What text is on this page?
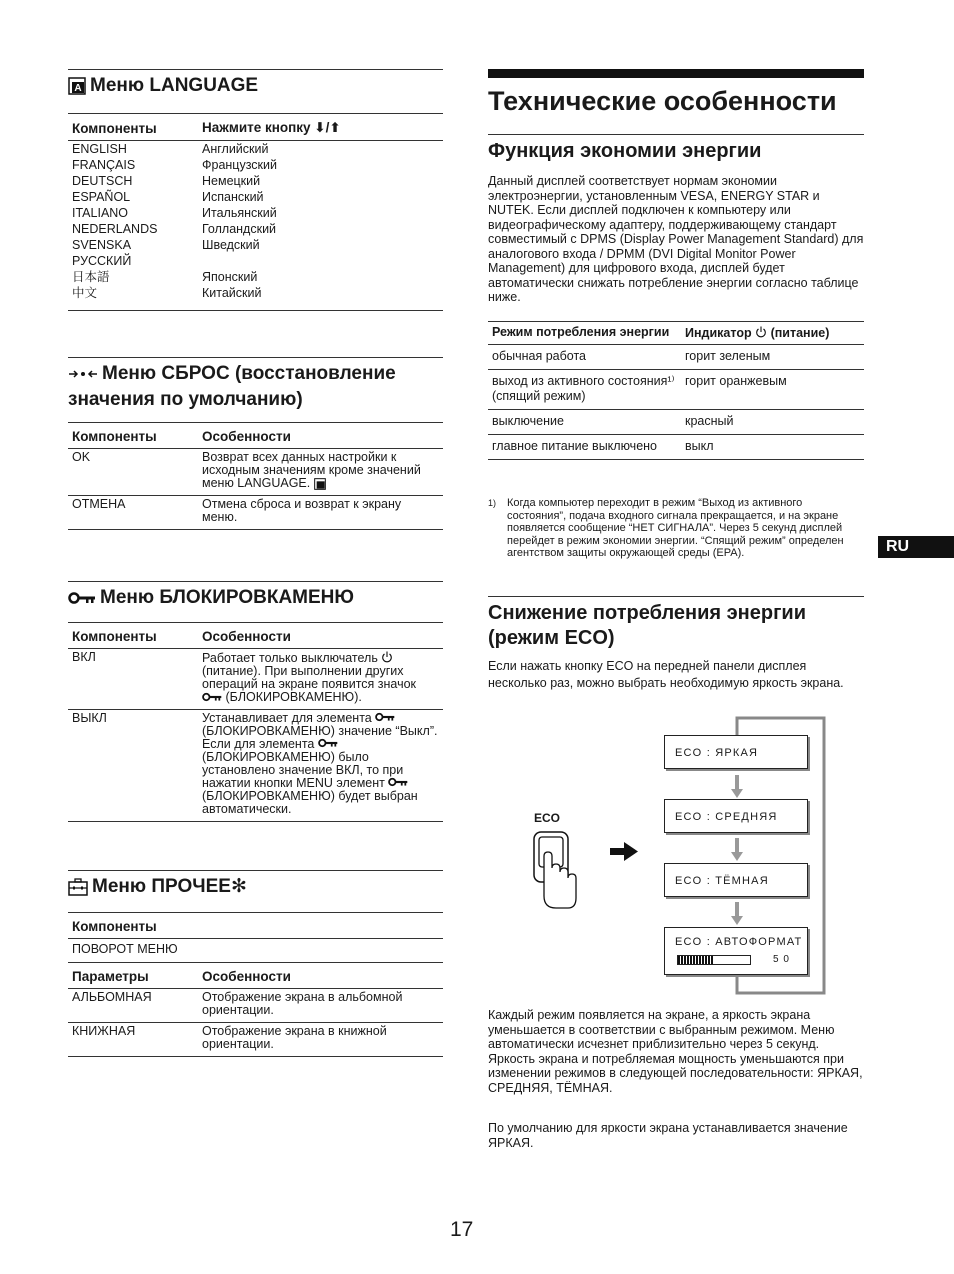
A Меню LANGUAGE
Компоненты	Нажмите кнопку ⬇/⬆
ENGLISH	Английский
FRANÇAIS	Французский
DEUTSCH	Немецкий
ESPAÑOL	Испанский
ITALIANO	Итальянский
NEDERLANDS	Голландский
SVENSKA	Шведский
РУССКИЙ	
日本語	Японский
中文	Китайский
Меню СБРОС (восстановление
значения по умолчанию)
Компоненты	Особенности
OK	Возврат всех данных настройки к исходным значениям кроме значений меню LANGUAGE.
ОТМЕНА	Отмена сброса и возврат к экрану меню.
Меню БЛОКИРОВКАМЕНЮ
Компоненты	Особенности
ВКЛ	Работает только выключатель  (питание). При выполнении других операций на экране появится значок  (БЛОКИРОВКАМЕНЮ).
ВЫКЛ	Устанавливает для элемента  (БЛОКИРОВКАМЕНЮ) значение “Выкл”. Если для элемента  (БЛОКИРОВКАМЕНЮ) было установлено значение ВКЛ, то при нажатии кнопки MENU элемент  (БЛОКИРОВКАМЕНЮ) будет выбран автоматически.
Меню ПРОЧЕЕ✻
Компоненты	
ПОВОРОТ МЕНЮ	
Параметры	Особенности
АЛЬБОМНАЯ	Отображение экрана в альбомной ориентации.
КНИЖНАЯ	Отображение экрана в книжной ориентации.
Технические особенности
Функция экономии энергии

Данный дисплей соответствует нормам экономии электроэнергии, установленным VESA, ENERGY STAR и NUTEK. Если дисплей подключен к компьютеру или видеографическому адаптеру, поддерживающему стандарт совместимый с DPMS (Display Power Management Standard) для аналогового входа / DPMM (DVI Digital Monitor Power Management) для цифрового входа, дисплей будет автоматически снижать потребление энергии согласно таблице ниже.

Режим потребления энергии	Индикатор (питание)
обычная работа	горит зеленым
выход из активного состояния¹⁾ (спящий режим)	горит оранжевым
выключение	красный
главное питание выключено	выкл
1) Когда компьютер переходит в режим “Выход из активного состояния”, подача входного сигнала прекращается, и на экране появляется сообщение “НЕТ СИГНАЛА”. Через 5 секунд дисплей перейдет в режим экономии энергии. “Спящий режим” определен агентством защиты окружающей среды (EPA).
Снижение потребления энергии
(режим ECO)

Если нажать кнопку ECO на передней панели дисплея несколько раз, можно выбрать необходимую яркость экрана.

Каждый режим появляется на экране, а яркость экрана уменьшается в соответствии с выбранным режимом. Меню автоматически исчезнет приблизительно через 5 секунд. Яркость экрана и потребляемая мощность уменьшаются при изменении режимов в следующей последовательности: ЯРКАЯ, СРЕДНЯЯ, ТЁМНАЯ.

По умолчанию для яркости экрана устанавливается значение ЯРКАЯ.

ECO
ECO : ЯРКАЯ
ECO : СРЕДНЯЯ
ECO : ТЁМНАЯ
ECO : АВТОФОРМАТ
5 0
RU
17
